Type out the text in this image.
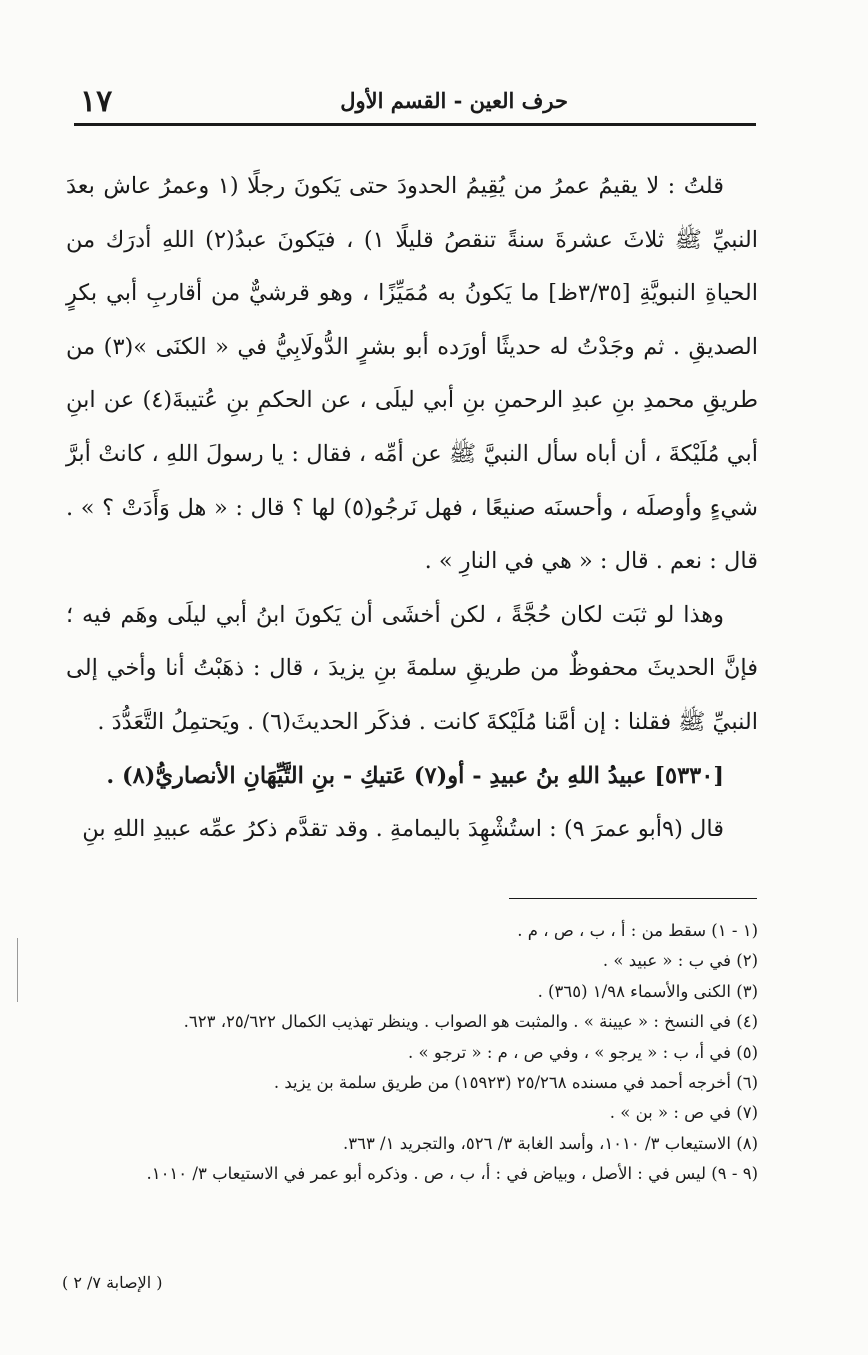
١٧	حرف العين - القسم الأول

قلتُ : لا يقيمُ عمرُ من يُقِيمُ الحدودَ حتى يَكونَ رجلًا (١ وعمرُ عاش بعدَ النبيِّ ﷺ ثلاثَ عشرةَ سنةً تنقصُ قليلًا ١) ، فيَكونَ عبدُ(٢) اللهِ أدرَك من الحياةِ النبويَّةِ [٣/٣٥ظ] ما يَكونُ به مُمَيِّزًا ، وهو قرشيٌّ من أقاربِ أبي بكرٍ الصديقِ . ثم وجَدْتُ له حديثًا أورَده أبو بشرٍ الدُّولَابِيُّ في « الكنَى »(٣) من طريقِ محمدِ بنِ عبدِ الرحمنِ بنِ أبي ليلَى ، عن الحكمِ بنِ عُتيبةَ(٤) عن ابنِ أبي مُلَيْكةَ ، أن أباه سأل النبيَّ ﷺ عن أمِّه ، فقال : يا رسولَ اللهِ ، كانتْ أبرَّ شيءٍ وأوصلَه ، وأحسنَه صنيعًا ، فهل نَرجُو(٥) لها ؟ قال : « هل وَأَدَتْ ؟ » . قال : نعم . قال : « هي في النارِ » .

وهذا لو ثبَت لكان حُجَّةً ، لكن أخشَى أن يَكونَ ابنُ أبي ليلَى وهَم فيه ؛ فإنَّ الحديثَ محفوظٌ من طريقِ سلمةَ بنِ يزيدَ ، قال : ذهَبْتُ أنا وأخي إلى النبيِّ ﷺ فقلنا : إن أمَّنا مُلَيْكةَ كانت . فذكَر الحديثَ(٦) . ويَحتمِلُ التَّعَدُّدَ .

[٥٣٣٠] عبيدُ اللهِ بنُ عبيدِ - أو(٧) عَتيكِ - بنِ التَّيِّهَانِ الأنصاريُّ(٨) .

قال (٩أبو عمرَ ٩) : استُشْهِدَ باليمامةِ . وقد تقدَّم ذكرُ عمِّه عبيدِ اللهِ بنِ

(١ - ١) سقط من : أ ، ب ، ص ، م .
(٢) في ب : « عبيد » .
(٣) الكنى والأسماء ١/٩٨ (٣٦٥) .
(٤) في النسخ : « عيينة » . والمثبت هو الصواب . وينظر تهذيب الكمال ٢٥/٦٢٢، ٦٢٣.
(٥) في أ، ب : « يرجو » ، وفي ص ، م : « ترجو » .
(٦) أخرجه أحمد في مسنده ٢٥/٢٦٨ (١٥٩٢٣) من طريق سلمة بن يزيد .
(٧) في ص : « بن » .
(٨) الاستيعاب ٣/ ١٠١٠، وأسد الغابة ٣/ ٥٢٦، والتجريد ١/ ٣٦٣.
(٩ - ٩) ليس في : الأصل ، وبياض في : أ، ب ، ص . وذكره أبو عمر في الاستيعاب ٣/ ١٠١٠.
( الإصابة ٧/ ٢ )
